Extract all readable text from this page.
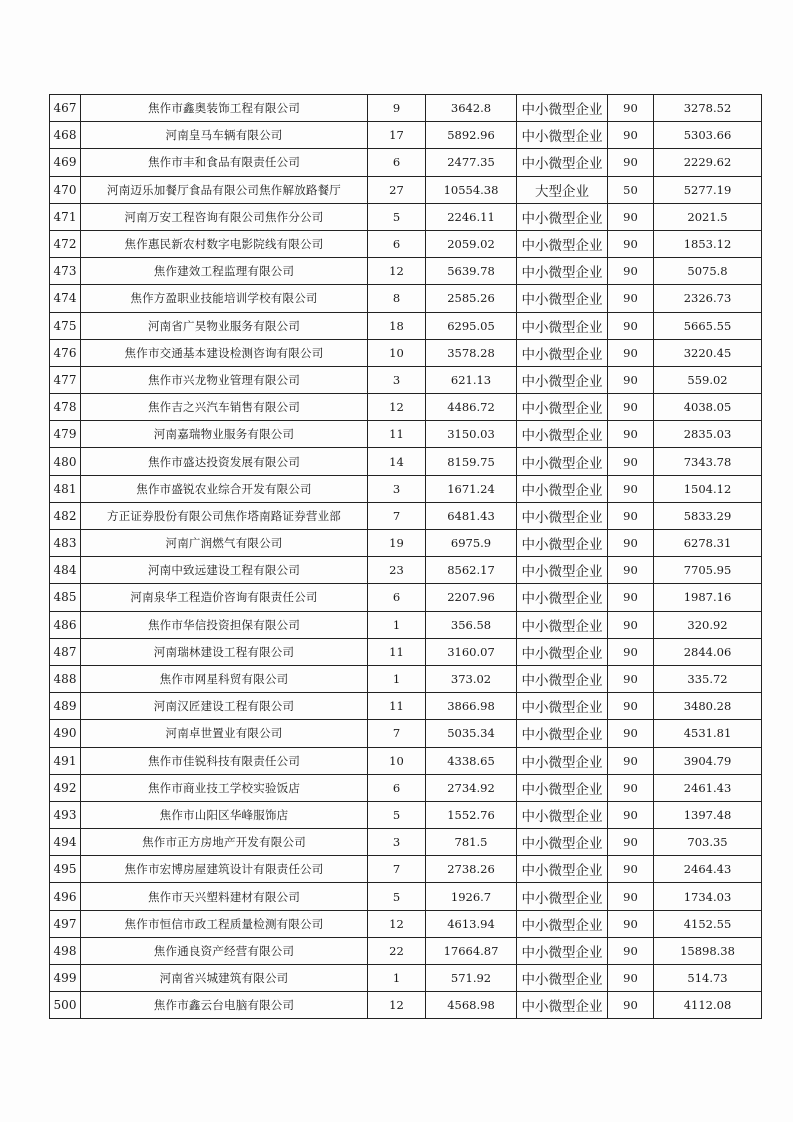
467	焦作市鑫奥装饰工程有限公司	9	3642.8	中小微型企业	90	3278.52
468	河南皇马车辆有限公司	17	5892.96	中小微型企业	90	5303.66
469	焦作市丰和食品有限责任公司	6	2477.35	中小微型企业	90	2229.62
470	河南迈乐加餐厅食品有限公司焦作解放路餐厅	27	10554.38	大型企业	50	5277.19
471	河南万安工程咨询有限公司焦作分公司	5	2246.11	中小微型企业	90	2021.5
472	焦作惠民新农村数字电影院线有限公司	6	2059.02	中小微型企业	90	1853.12
473	焦作建效工程监理有限公司	12	5639.78	中小微型企业	90	5075.8
474	焦作方盈职业技能培训学校有限公司	8	2585.26	中小微型企业	90	2326.73
475	河南省广昊物业服务有限公司	18	6295.05	中小微型企业	90	5665.55
476	焦作市交通基本建设检测咨询有限公司	10	3578.28	中小微型企业	90	3220.45
477	焦作市兴龙物业管理有限公司	3	621.13	中小微型企业	90	559.02
478	焦作吉之兴汽车销售有限公司	12	4486.72	中小微型企业	90	4038.05
479	河南嘉瑞物业服务有限公司	11	3150.03	中小微型企业	90	2835.03
480	焦作市盛达投资发展有限公司	14	8159.75	中小微型企业	90	7343.78
481	焦作市盛锐农业综合开发有限公司	3	1671.24	中小微型企业	90	1504.12
482	方正证券股份有限公司焦作塔南路证券营业部	7	6481.43	中小微型企业	90	5833.29
483	河南广润燃气有限公司	19	6975.9	中小微型企业	90	6278.31
484	河南中致远建设工程有限公司	23	8562.17	中小微型企业	90	7705.95
485	河南泉华工程造价咨询有限责任公司	6	2207.96	中小微型企业	90	1987.16
486	焦作市华信投资担保有限公司	1	356.58	中小微型企业	90	320.92
487	河南瑞林建设工程有限公司	11	3160.07	中小微型企业	90	2844.06
488	焦作市网星科贸有限公司	1	373.02	中小微型企业	90	335.72
489	河南汉匠建设工程有限公司	11	3866.98	中小微型企业	90	3480.28
490	河南卓世置业有限公司	7	5035.34	中小微型企业	90	4531.81
491	焦作市佳锐科技有限责任公司	10	4338.65	中小微型企业	90	3904.79
492	焦作市商业技工学校实验饭店	6	2734.92	中小微型企业	90	2461.43
493	焦作市山阳区华峰服饰店	5	1552.76	中小微型企业	90	1397.48
494	焦作市正方房地产开发有限公司	3	781.5	中小微型企业	90	703.35
495	焦作市宏博房屋建筑设计有限责任公司	7	2738.26	中小微型企业	90	2464.43
496	焦作市天兴塑料建材有限公司	5	1926.7	中小微型企业	90	1734.03
497	焦作市恒信市政工程质量检测有限公司	12	4613.94	中小微型企业	90	4152.55
498	焦作通良资产经营有限公司	22	17664.87	中小微型企业	90	15898.38
499	河南省兴城建筑有限公司	1	571.92	中小微型企业	90	514.73
500	焦作市鑫云台电脑有限公司	12	4568.98	中小微型企业	90	4112.08
